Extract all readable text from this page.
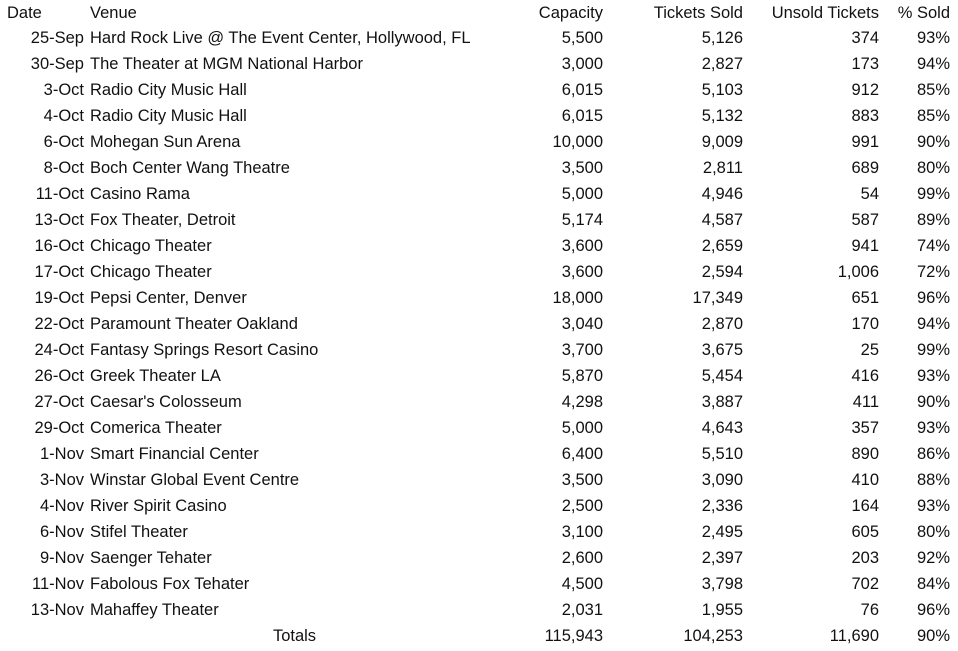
Date	Venue	Capacity	Tickets Sold	Unsold Tickets	% Sold
25-Sep	Hard Rock Live @ The Event Center, Hollywood, FL	5,500	5,126	374	93%
30-Sep	The Theater at MGM National Harbor	3,000	2,827	173	94%
3-Oct	Radio City Music Hall	6,015	5,103	912	85%
4-Oct	Radio City Music Hall	6,015	5,132	883	85%
6-Oct	Mohegan Sun Arena	10,000	9,009	991	90%
8-Oct	Boch Center Wang Theatre	3,500	2,811	689	80%
11-Oct	Casino Rama	5,000	4,946	54	99%
13-Oct	Fox Theater, Detroit	5,174	4,587	587	89%
16-Oct	Chicago Theater	3,600	2,659	941	74%
17-Oct	Chicago Theater	3,600	2,594	1,006	72%
19-Oct	Pepsi Center, Denver	18,000	17,349	651	96%
22-Oct	Paramount Theater Oakland	3,040	2,870	170	94%
24-Oct	Fantasy Springs Resort Casino	3,700	3,675	25	99%
26-Oct	Greek Theater LA	5,870	5,454	416	93%
27-Oct	Caesar's Colosseum	4,298	3,887	411	90%
29-Oct	Comerica Theater	5,000	4,643	357	93%
1-Nov	Smart Financial Center	6,400	5,510	890	86%
3-Nov	Winstar Global Event Centre	3,500	3,090	410	88%
4-Nov	River Spirit Casino	2,500	2,336	164	93%
6-Nov	Stifel Theater	3,100	2,495	605	80%
9-Nov	Saenger Tehater	2,600	2,397	203	92%
11-Nov	Fabolous Fox Tehater	4,500	3,798	702	84%
13-Nov	Mahaffey Theater	2,031	1,955	76	96%
	Totals	115,943	104,253	11,690	90%
